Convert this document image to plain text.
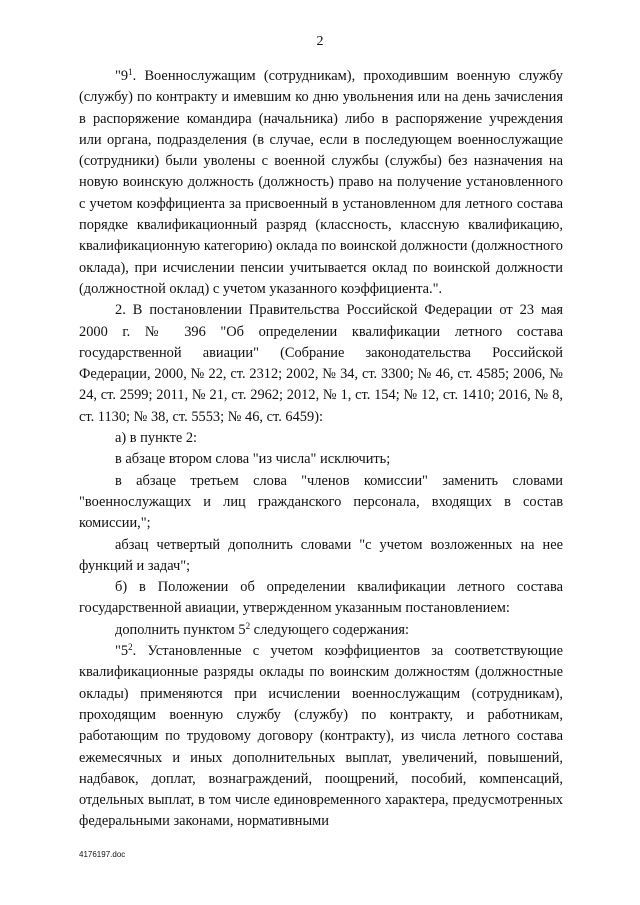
2

"$9^1$. Военнослужащим (сотрудникам), проходившим военную службу (службу) по контракту и имевшим ко дню увольнения или на день зачисления в распоряжение командира (начальника) либо в распоряжение учреждения или органа, подразделения (в случае, если в последующем военнослужащие (сотрудники) были уволены с военной службы (службы) без назначения на новую воинскую должность (должность) право на получение установленного с учетом коэффициента за присвоенный в установленном для летного состава порядке квалификационный разряд (классность, классную квалификацию, квалификационную категорию) оклада по воинской должности (должностного оклада), при исчислении пенсии учитывается оклад по воинской должности (должностной оклад) с учетом указанного коэффициента.".

2. В постановлении Правительства Российской Федерации от 23 мая 2000 г. № 396 "Об определении квалификации летного состава государственной авиации" (Собрание законодательства Российской Федерации, 2000, № 22, ст. 2312; 2002, № 34, ст. 3300; № 46, ст. 4585; 2006, № 24, ст. 2599; 2011, № 21, ст. 2962; 2012, № 1, ст. 154; № 12, ст. 1410; 2016, № 8, ст. 1130; № 38, ст. 5553; № 46, ст. 6459):

а) в пункте 2:

в абзаце втором слова "из числа" исключить;

в абзаце третьем слова "членов комиссии" заменить словами "военнослужащих и лиц гражданского персонала, входящих в состав комиссии,";

абзац четвертый дополнить словами "с учетом возложенных на нее функций и задач";

б) в Положении об определении квалификации летного состава государственной авиации, утвержденном указанным постановлением:

дополнить пунктом $5^2$ следующего содержания:

"$5^2$. Установленные с учетом коэффициентов за соответствующие квалификационные разряды оклады по воинским должностям (должностные оклады) применяются при исчислении военнослужащим (сотрудникам), проходящим военную службу (службу) по контракту, и работникам, работающим по трудовому договору (контракту), из числа летного состава ежемесячных и иных дополнительных выплат, увеличений, повышений, надбавок, доплат, вознаграждений, поощрений, пособий, компенсаций, отдельных выплат, в том числе единовременного характера, предусмотренных федеральными законами, нормативными

4176197.doc
